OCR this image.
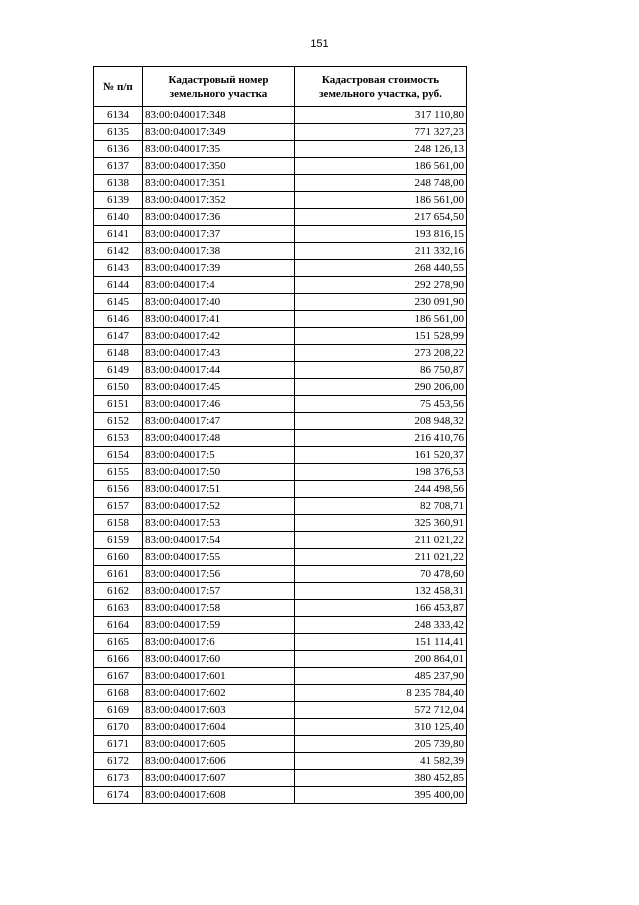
151
№ п/п	Кадастровый номер земельного участка	Кадастровая стоимость земельного участка, руб.
6134	83:00:040017:348	317 110,80
6135	83:00:040017:349	771 327,23
6136	83:00:040017:35	248 126,13
6137	83:00:040017:350	186 561,00
6138	83:00:040017:351	248 748,00
6139	83:00:040017:352	186 561,00
6140	83:00:040017:36	217 654,50
6141	83:00:040017:37	193 816,15
6142	83:00:040017:38	211 332,16
6143	83:00:040017:39	268 440,55
6144	83:00:040017:4	292 278,90
6145	83:00:040017:40	230 091,90
6146	83:00:040017:41	186 561,00
6147	83:00:040017:42	151 528,99
6148	83:00:040017:43	273 208,22
6149	83:00:040017:44	86 750,87
6150	83:00:040017:45	290 206,00
6151	83:00:040017:46	75 453,56
6152	83:00:040017:47	208 948,32
6153	83:00:040017:48	216 410,76
6154	83:00:040017:5	161 520,37
6155	83:00:040017:50	198 376,53
6156	83:00:040017:51	244 498,56
6157	83:00:040017:52	82 708,71
6158	83:00:040017:53	325 360,91
6159	83:00:040017:54	211 021,22
6160	83:00:040017:55	211 021,22
6161	83:00:040017:56	70 478,60
6162	83:00:040017:57	132 458,31
6163	83:00:040017:58	166 453,87
6164	83:00:040017:59	248 333,42
6165	83:00:040017:6	151 114,41
6166	83:00:040017:60	200 864,01
6167	83:00:040017:601	485 237,90
6168	83:00:040017:602	8 235 784,40
6169	83:00:040017:603	572 712,04
6170	83:00:040017:604	310 125,40
6171	83:00:040017:605	205 739,80
6172	83:00:040017:606	41 582,39
6173	83:00:040017:607	380 452,85
6174	83:00:040017:608	395 400,00
